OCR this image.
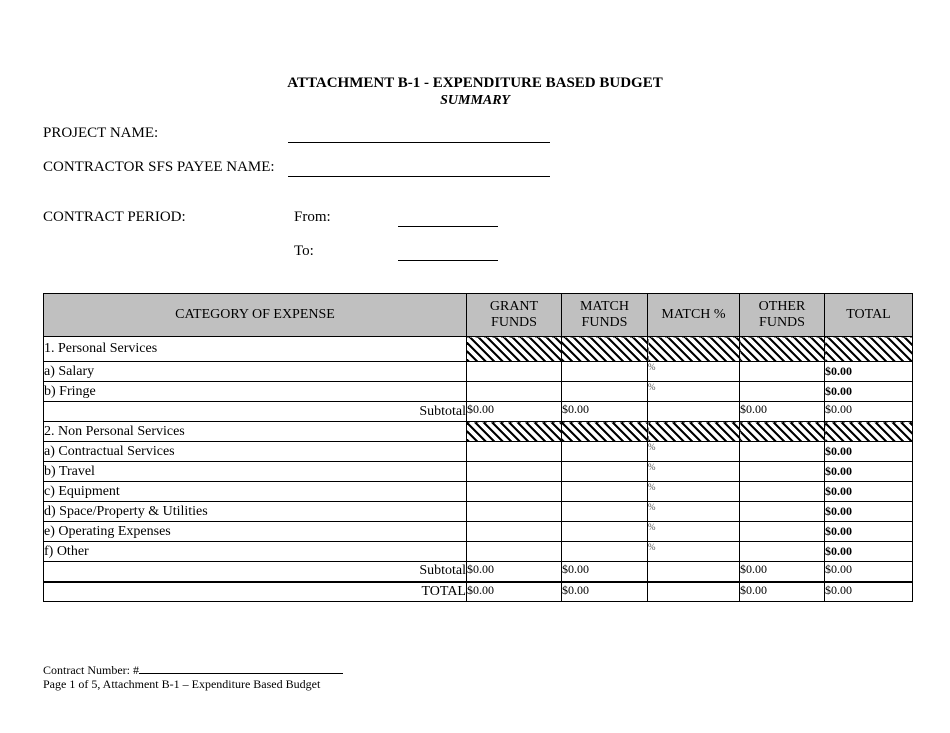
ATTACHMENT B-1 - EXPENDITURE BASED BUDGET
SUMMARY
PROJECT NAME:
CONTRACTOR SFS PAYEE NAME:
CONTRACT PERIOD:	From:
To:
CATEGORY OF EXPENSE	GRANT FUNDS	MATCH FUNDS	MATCH %	OTHER FUNDS	TOTAL
1. Personal Services					
a) Salary			%		$0.00
b) Fringe			%		$0.00
Subtotal	$0.00	$0.00		$0.00	$0.00
2. Non Personal Services					
a) Contractual Services			%		$0.00
b) Travel			%		$0.00
c) Equipment			%		$0.00
d) Space/Property & Utilities			%		$0.00
e) Operating Expenses			%		$0.00
f) Other			%		$0.00
Subtotal	$0.00	$0.00		$0.00	$0.00
TOTAL	$0.00	$0.00		$0.00	$0.00
Contract Number: #
Page 1 of 5, Attachment B-1 – Expenditure Based Budget
